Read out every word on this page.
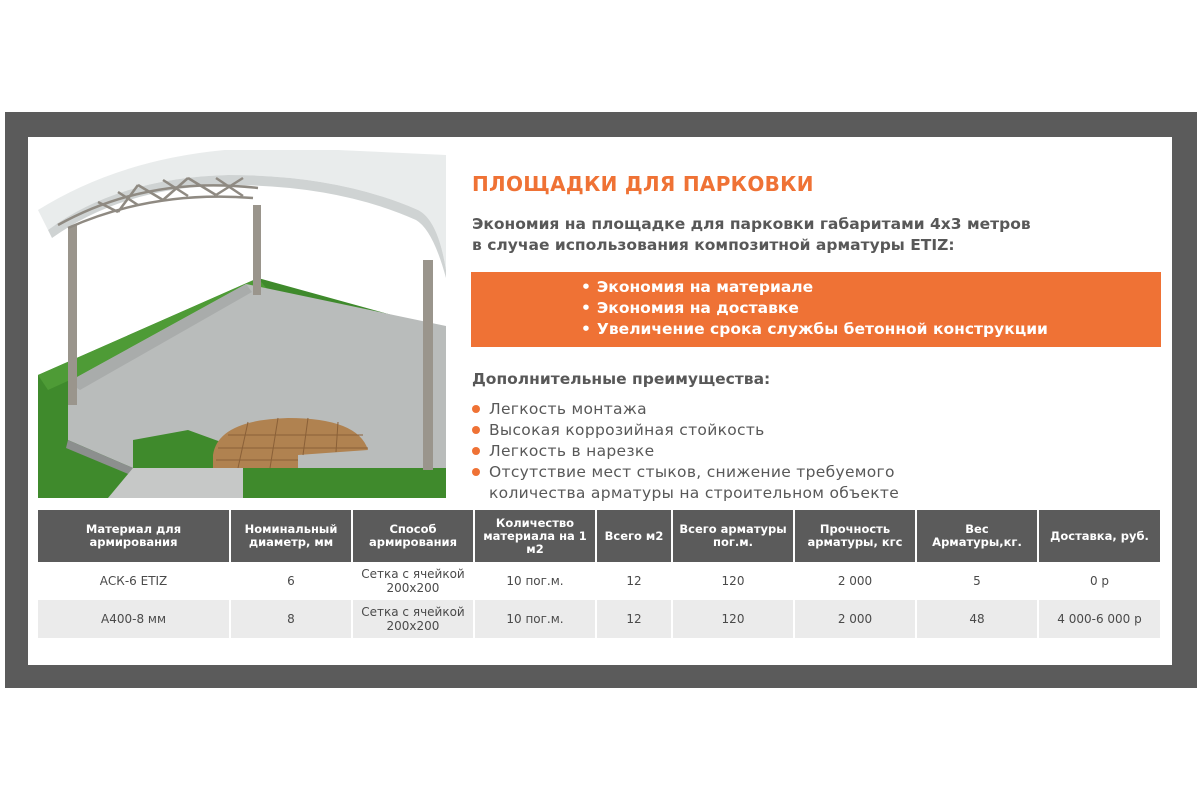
ПЛОЩАДКИ ДЛЯ ПАРКОВКИ
Экономия на площадке для парковки габаритами 4х3 метров
в случае использования композитной арматуры ETIZ:
• Экономия на материале
• Экономия на доставке
• Увеличение срока службы бетонной конструкции
Дополнительные преимущества:
Легкость монтажа
Высокая коррозийная стойкость
Легкость в нарезке
Отсутствие мест стыков, снижение требуемого
количества арматуры на строительном объекте
Материал для армирования	Номинальный диаметр, мм	Способ армирования	Количество материала на 1 м2	Всего м2	Всего арматуры пог.м.	Прочность арматуры, кгс	Вес Арматуры,кг.	Доставка, руб.
АСК-6 ETIZ	6	Сетка с ячейкой 200х200	10 пог.м.	12	120	2 000	5	0 р
А400-8 мм	8	Сетка с ячейкой 200х200	10 пог.м.	12	120	2 000	48	4 000-6 000 р
